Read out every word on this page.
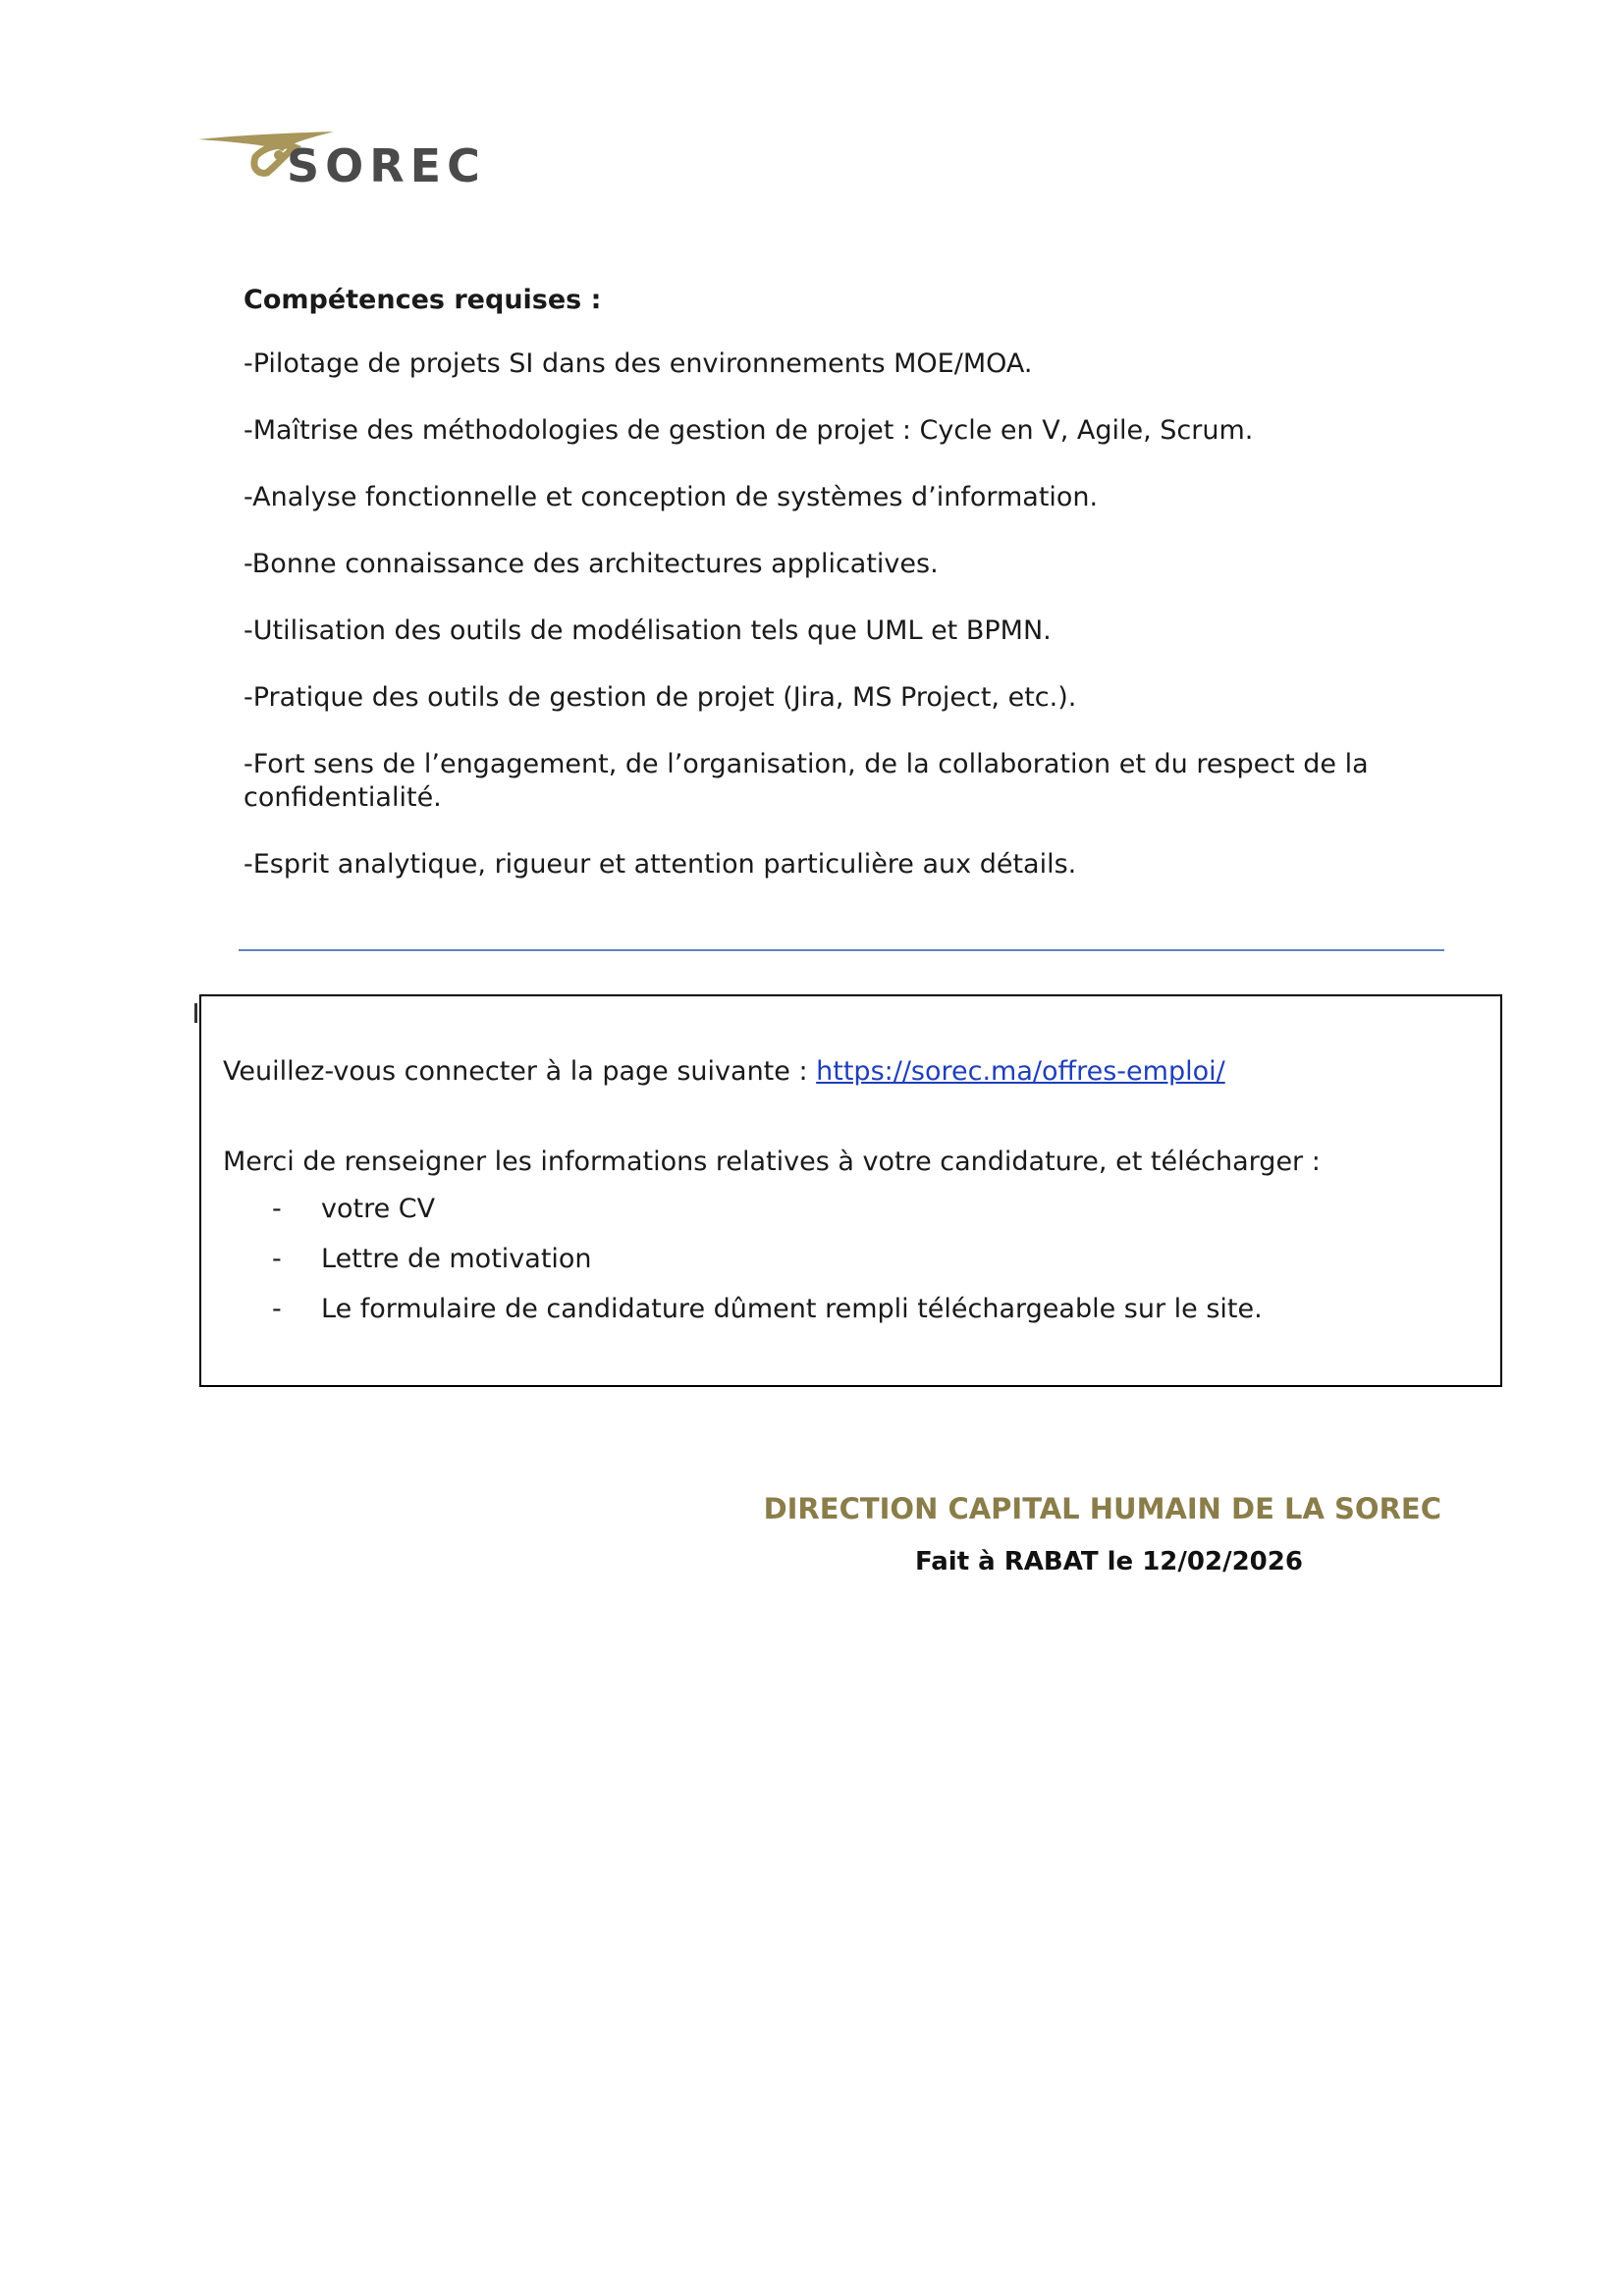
SOREC

Compétences requises :

-Pilotage de projets SI dans des environnements MOE/MOA.
-Maîtrise des méthodologies de gestion de projet : Cycle en V, Agile, Scrum.
-Analyse fonctionnelle et conception de systèmes d’information.
-Bonne connaissance des architectures applicatives.
-Utilisation des outils de modélisation tels que UML et BPMN.
-Pratique des outils de gestion de projet (Jira, MS Project, etc.).
-Fort sens de l’engagement, de l’organisation, de la collaboration et du respect de la confidentialité.
-Esprit analytique, rigueur et attention particulière aux détails.

Veuillez-vous connecter à la page suivante : https://sorec.ma/offres-emploi/

Merci de renseigner les informations relatives à votre candidature, et télécharger :

- votre CV
- Lettre de motivation
- Le formulaire de candidature dûment rempli téléchargeable sur le site.

DIRECTION CAPITAL HUMAIN DE LA SOREC

Fait à RABAT le 12/02/2026
